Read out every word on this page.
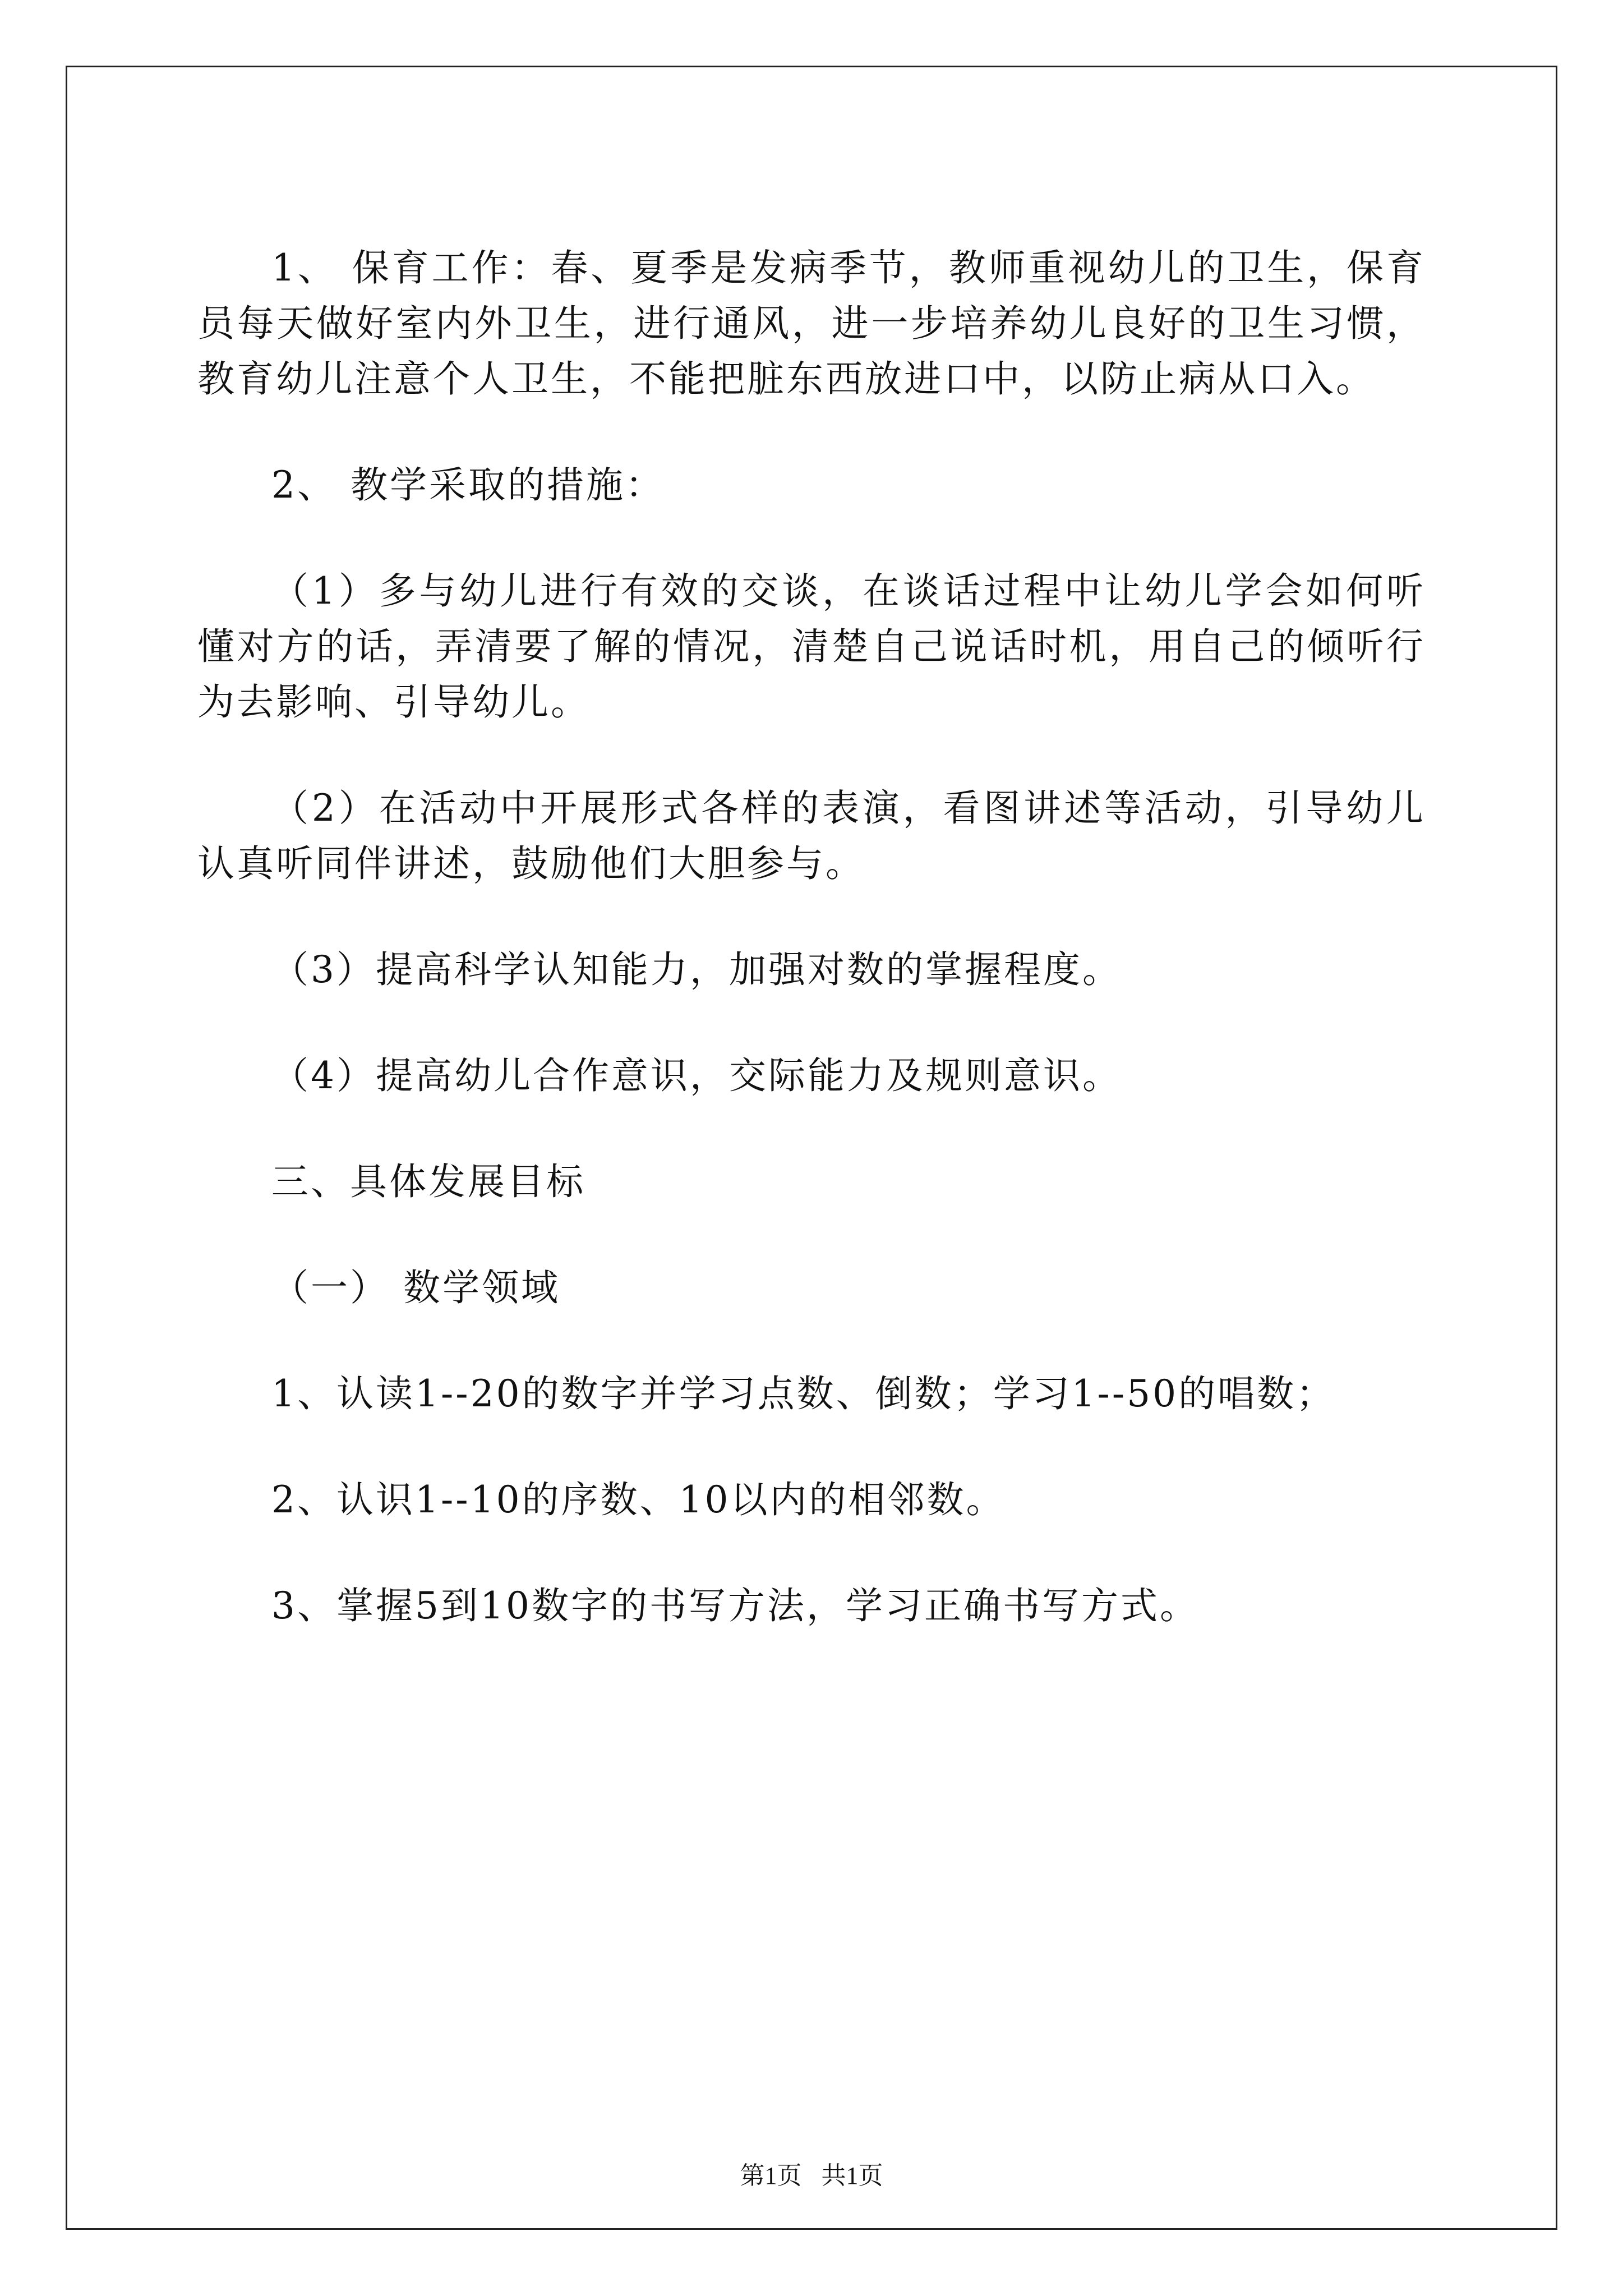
1、 保育工作：春、夏季是发病季节，教师重视幼儿的卫生，保育员每天做好室内外卫生，进行通风，进一步培养幼儿良好的卫生习惯，教育幼儿注意个人卫生，不能把脏东西放进口中，以防止病从口入。

2、 教学采取的措施：

（1）多与幼儿进行有效的交谈，在谈话过程中让幼儿学会如何听懂对方的话，弄清要了解的情况，清楚自己说话时机，用自己的倾听行为去影响、引导幼儿。

（2）在活动中开展形式各样的表演，看图讲述等活动，引导幼儿认真听同伴讲述，鼓励他们大胆参与。

（3）提高科学认知能力，加强对数的掌握程度。

（4）提高幼儿合作意识，交际能力及规则意识。

三、具体发展目标

（一） 数学领域

1、认读1--20的数字并学习点数、倒数；学习1--50的唱数；

2、认识1--10的序数、10以内的相邻数。

3、掌握5到10数字的书写方法，学习正确书写方式。

第1页 共1页
